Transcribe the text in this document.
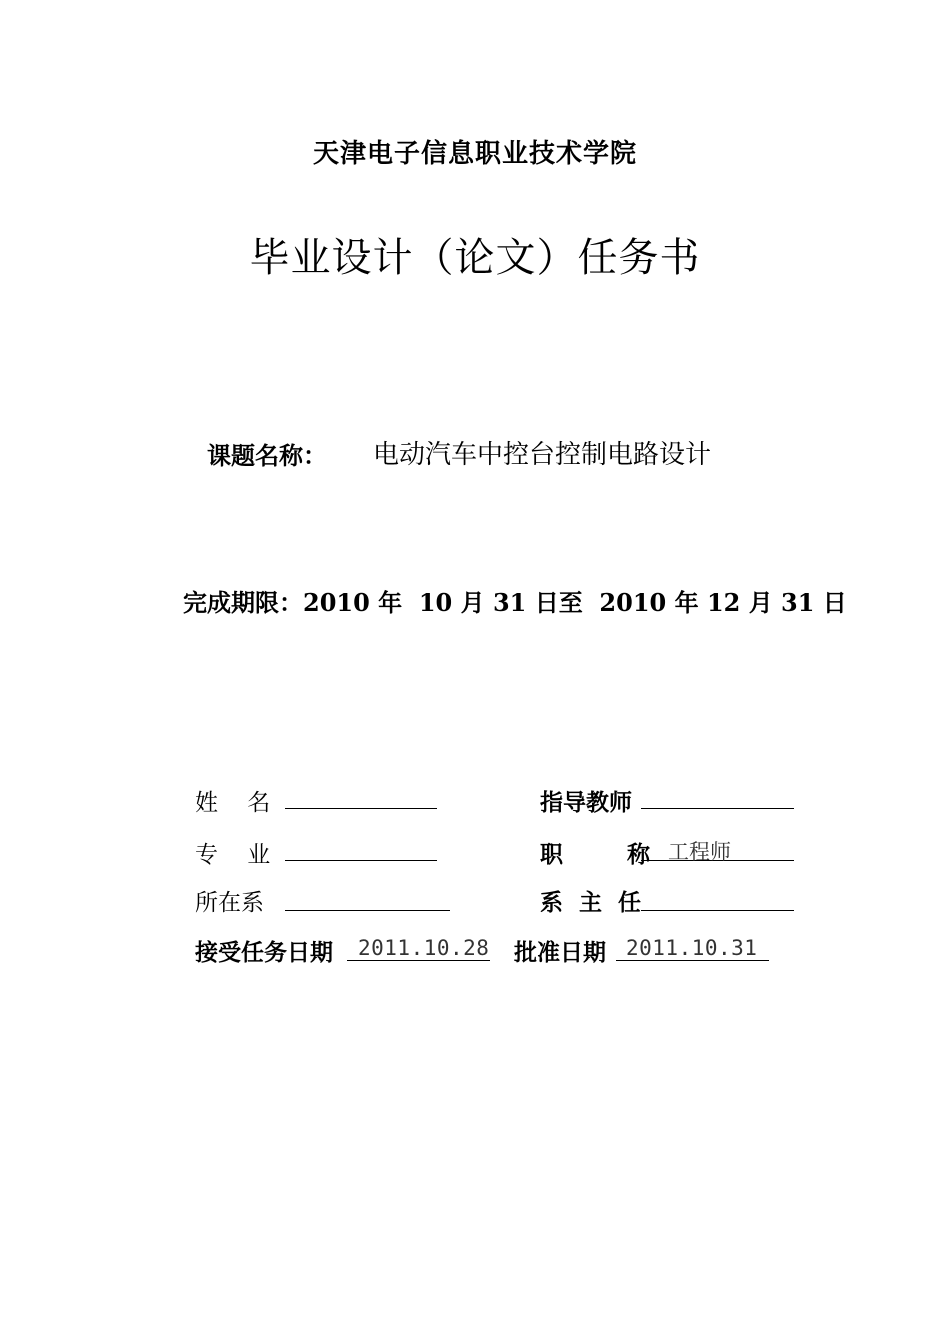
天津电子信息职业技术学院
毕业设计（论文）任务书
课题名称： 电动汽车中控台控制电路设计
完成期限：2010 年  10 月 31 日至  2010 年 12 月 31 日
姓    名	指导教师
专    业	职        称 工程师
所在系	系  主  任
接受任务日期 2011.10.28 批准日期 2011.10.31
